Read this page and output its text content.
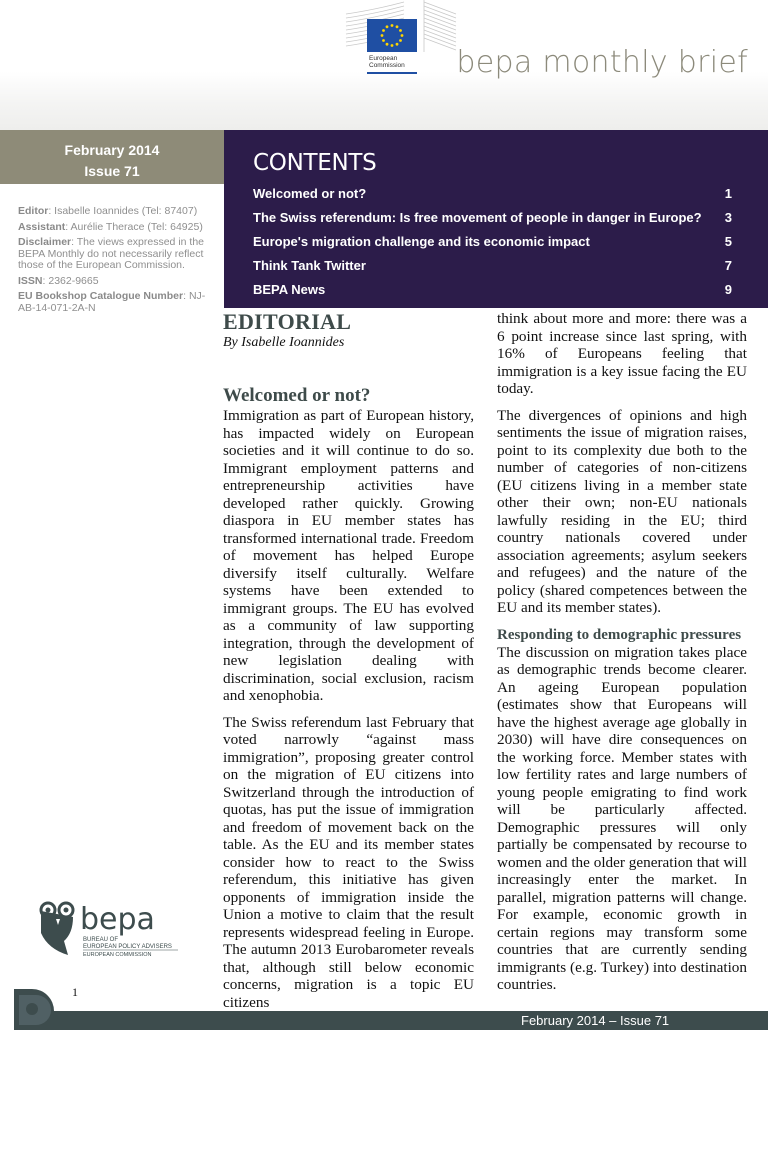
European
Commission bepa monthly brief
February 2014
Issue 71	CONTENTS
Welcomed or not?	1
The Swiss referendum: Is free movement of people in danger in Europe? 3
Europe's migration challenge and its economic impact	5
Think Tank Twitter	7
BEPA News	9

Editor: Isabelle Ioannides (Tel: 87407)

Assistant: Aurélie Therace (Tel: 64925)

Disclaimer: The views expressed in the BEPA Monthly do not necessarily reflect those of the European Commission.

ISSN: 2362-9665

EU Bookshop Catalogue Number: NJ-AB-14-071-2A-N

EDITORIAL
By Isabelle Ioannides
Welcomed or not?

Immigration as part of European history, has impacted widely on European societies and it will continue to do so. Immigrant employment patterns and entrepreneurship activities have developed rather quickly. Growing diaspora in EU member states has transformed international trade. Freedom of movement has helped Europe diversify itself culturally. Welfare systems have been extended to immigrant groups. The EU has evolved as a community of law supporting integration, through the development of new legislation dealing with discrimination, social exclusion, racism and xenophobia.

The Swiss referendum last February that voted narrowly “against mass immigration”, proposing greater control on the migration of EU citizens into Switzerland through the introduction of quotas, has put the issue of immigration and freedom of movement back on the table. As the EU and its member states consider how to react to the Swiss referendum, this initiative has given opponents of immigration inside the Union a motive to claim that the result represents widespread feeling in Europe. The autumn 2013 Eurobarometer reveals that, although still below economic concerns, migration is a topic EU citizens

think about more and more: there was a 6 point increase since last spring, with 16% of Europeans feeling that immigration is a key issue facing the EU today.

The divergences of opinions and high sentiments the issue of migration raises, point to its complexity due both to the number of categories of non-citizens (EU citizens living in a member state other their own; non-EU nationals lawfully residing in the EU; third country nationals covered under association agreements; asylum seekers and refugees) and the nature of the policy (shared competences between the EU and its member states).

Responding to demographic pressures

The discussion on migration takes place as demographic trends become clearer. An ageing European population (estimates show that Europeans will have the highest average age globally in 2030) will have dire consequences on the working force. Member states with low fertility rates and large numbers of young people emigrating to find work will be particularly affected. Demographic pressures will only partially be compensated by recourse to women and the older generation that will increasingly enter the market. In parallel, migration patterns will change. For example, economic growth in certain regions may transform some countries that are currently sending immigrants (e.g. Turkey) into destination countries.

bepa
BUREAU OF
EUROPEAN POLICY ADVISERS
EUROPEAN COMMISSION
1
February 2014 – Issue 71
